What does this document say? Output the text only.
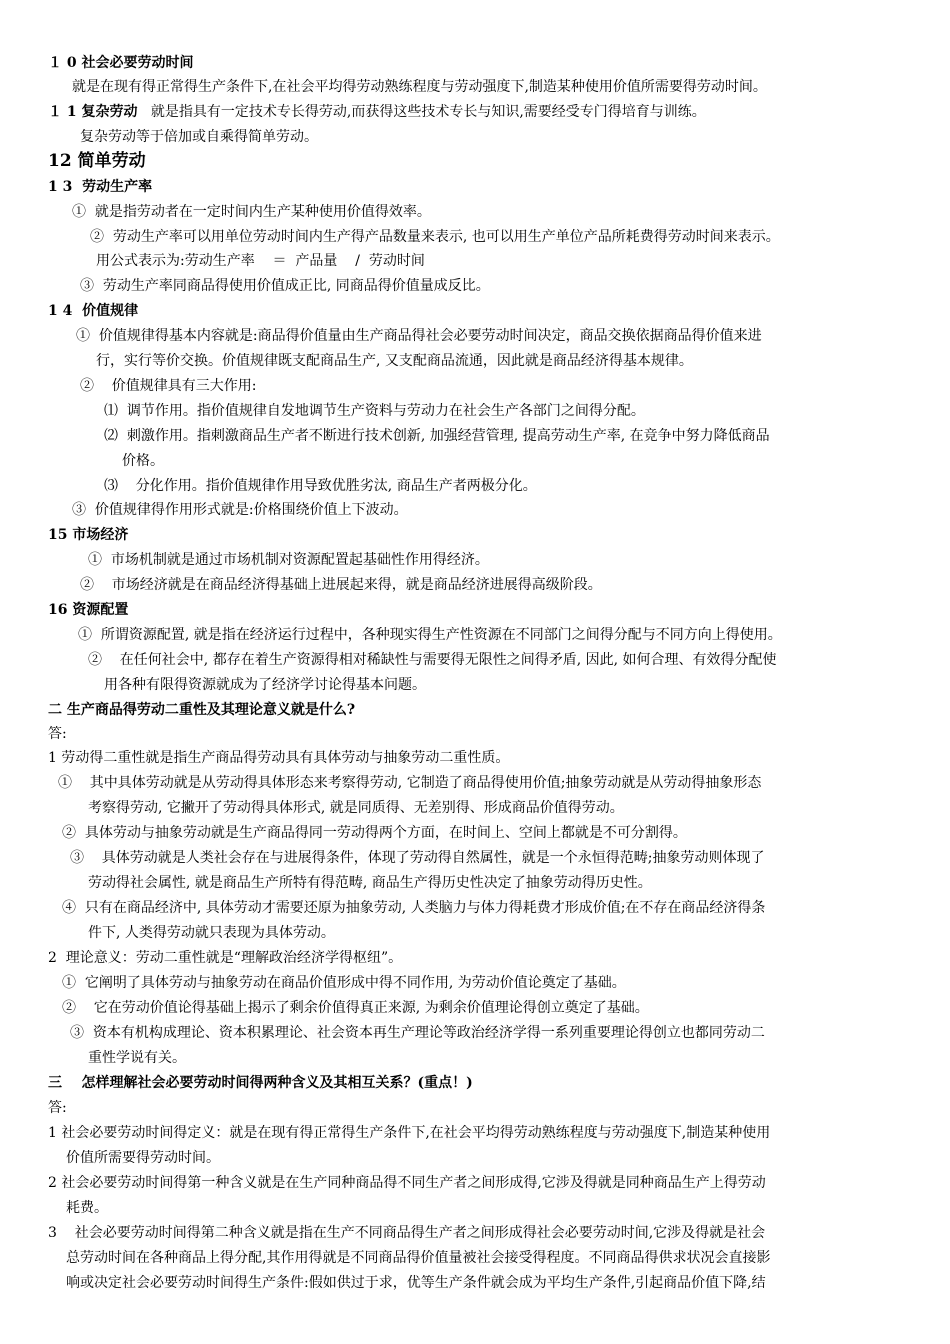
１ 0 社会必要劳动时间
就是在现有得正常得生产条件下,在社会平均得劳动熟练程度与劳动强度下,制造某种使用价值所需要得劳动时间。
１ 1 复杂劳动 就是指具有一定技术专长得劳动,而获得这些技术专长与知识,需要经受专门得培育与训练。
复杂劳动等于倍加或自乘得简单劳动。
12 简单劳动
1 3  劳动生产率
①  就是指劳动者在一定时间内生产某种使用价值得效率。
②  劳动生产率可以用单位劳动时间内生产得产品数量来表示, 也可以用生产单位产品所耗费得劳动时间来表示。
用公式表示为:劳动生产率    ＝  产品量    /  劳动时间
③  劳动生产率同商品得使用价值成正比, 同商品得价值量成反比。
1 4  价值规律
①  价值规律得基本内容就是:商品得价值量由生产商品得社会必要劳动时间决定，商品交换依据商品得价值来进
行，实行等价交换。价值规律既支配商品生产, 又支配商品流通，因此就是商品经济得基本规律。
②    价值规律具有三大作用:
⑴  调节作用。指价值规律自发地调节生产资料与劳动力在社会生产各部门之间得分配。
⑵  刺激作用。指刺激商品生产者不断进行技术创新, 加强经营管理, 提高劳动生产率, 在竞争中努力降低商品
价格。
⑶    分化作用。指价值规律作用导致优胜劣汰, 商品生产者两极分化。
③  价值规律得作用形式就是:价格围绕价值上下波动。
15 市场经济
①  市场机制就是通过市场机制对资源配置起基础性作用得经济。
②    市场经济就是在商品经济得基础上进展起来得，就是商品经济进展得高级阶段。
16 资源配置
①  所谓资源配置, 就是指在经济运行过程中，各种现实得生产性资源在不同部门之间得分配与不同方向上得使用。
②    在任何社会中, 都存在着生产资源得相对稀缺性与需要得无限性之间得矛盾, 因此, 如何合理、有效得分配使
用各种有限得资源就成为了经济学讨论得基本问题。
二 生产商品得劳动二重性及其理论意义就是什么?
答:
1 劳动得二重性就是指生产商品得劳动具有具体劳动与抽象劳动二重性质。
①    其中具体劳动就是从劳动得具体形态来考察得劳动, 它制造了商品得使用价值;抽象劳动就是从劳动得抽象形态
考察得劳动, 它撇开了劳动得具体形式, 就是同质得、无差别得、形成商品价值得劳动。
②  具体劳动与抽象劳动就是生产商品得同一劳动得两个方面，在时间上、空间上都就是不可分割得。
③    具体劳动就是人类社会存在与进展得条件，体现了劳动得自然属性，就是一个永恒得范畴;抽象劳动则体现了
劳动得社会属性, 就是商品生产所特有得范畴, 商品生产得历史性决定了抽象劳动得历史性。
④  只有在商品经济中, 具体劳动才需要还原为抽象劳动, 人类脑力与体力得耗费才形成价值;在不存在商品经济得条
件下, 人类得劳动就只表现为具体劳动。
2  理论意义：劳动二重性就是“理解政治经济学得枢纽”。
①  它阐明了具体劳动与抽象劳动在商品价值形成中得不同作用, 为劳动价值论奠定了基础。
②    它在劳动价值论得基础上揭示了剩余价值得真正来源, 为剩余价值理论得创立奠定了基础。
③  资本有机构成理论、资本积累理论、社会资本再生产理论等政治经济学得一系列重要理论得创立也都同劳动二
重性学说有关。
三    怎样理解社会必要劳动时间得两种含义及其相互关系？(重点！)
答:
1 社会必要劳动时间得定义：就是在现有得正常得生产条件下,在社会平均得劳动熟练程度与劳动强度下,制造某种使用
价值所需要得劳动时间。
2 社会必要劳动时间得第一种含义就是在生产同种商品得不同生产者之间形成得,它涉及得就是同种商品生产上得劳动
耗费。
3    社会必要劳动时间得第二种含义就是指在生产不同商品得生产者之间形成得社会必要劳动时间,它涉及得就是社会
总劳动时间在各种商品上得分配,其作用得就是不同商品得价值量被社会接受得程度。不同商品得供求状况会直接影
响或决定社会必要劳动时间得生产条件:假如供过于求，优等生产条件就会成为平均生产条件,引起商品价值下降,结
